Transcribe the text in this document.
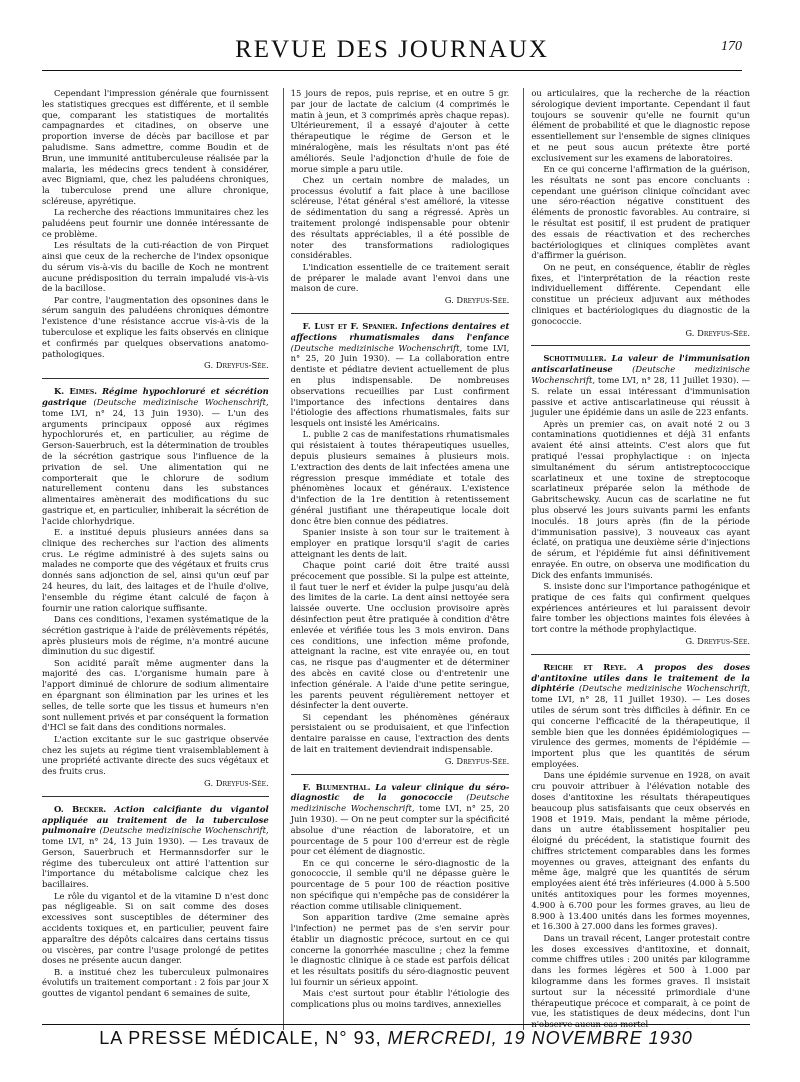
REVUE DES JOURNAUX	170

Cependant l'impression générale que fournissent les statistiques grecques est différente, et il semble que, comparant les statistiques de mortalités campagnardes et citadines, on observe une proportion inverse de décès par bacillose et par paludisme. Sans admettre, comme Boudin et de Brun, une immunité antituberculeuse réalisée par la malaria, les médecins grecs tendent à considérer, avec Bigniami, que, chez les paludéens chroniques, la tuberculose prend une allure chronique, scléreuse, apyrétique.

La recherche des réactions immunitaires chez les paludéens peut fournir une donnée intéressante de ce problème.

Les résultats de la cuti-réaction de von Pirquet ainsi que ceux de la recherche de l'index opsonique du sérum vis-à-vis du bacille de Koch ne montrent aucune prédisposition du terrain impaludé vis-à-vis de la bacillose.

Par contre, l'augmentation des opsonines dans le sérum sanguin des paludéens chroniques démontre l'existence d'une résistance accrue vis-à-vis de la tuberculose et explique les faits observés en clinique et confirmés par quelques observations anatomo-pathologiques.

G. Dreyfus-Sée.

K. Eimes. Régime hypochloruré et sécrétion gastrique (Deutsche medizinische Wochenschrift, tome LVI, n° 24, 13 Juin 1930). — L'un des arguments principaux opposé aux régimes hypochlorurés et, en particulier, au régime de Gerson-Sauerbruch, est la détermination de troubles de la sécrétion gastrique sous l'influence de la privation de sel. Une alimentation qui ne comporterait que le chlorure de sodium naturellement contenu dans les substances alimentaires amènerait des modifications du suc gastrique et, en particulier, inhiberait la sécrétion de l'acide chlorhydrique.

E. a institué depuis plusieurs années dans sa clinique des recherches sur l'action des aliments crus. Le régime administré à des sujets sains ou malades ne comporte que des végétaux et fruits crus donnés sans adjonction de sel, ainsi qu'un œuf par 24 heures, du lait, des laitages et de l'huile d'olive, l'ensemble du régime étant calculé de façon à fournir une ration calorique suffisante.

Dans ces conditions, l'examen systématique de la sécrétion gastrique à l'aide de prélèvements répétés, après plusieurs mois de régime, n'a montré aucune diminution du suc digestif.

Son acidité paraît même augmenter dans la majorité des cas. L'organisme humain pare à l'apport diminué de chlorure de sodium alimentaire en épargnant son élimination par les urines et les selles, de telle sorte que les tissus et humeurs n'en sont nullement privés et par conséquent la formation d'HCl se fait dans des conditions normales.

L'action excitante sur le suc gastrique observée chez les sujets au régime tient vraisemblablement à une propriété activante directe des sucs végétaux et des fruits crus.

G. Dreyfus-Sée.

O. Becker. Action calcifiante du vigantol appliquée au traitement de la tuberculose pulmonaire (Deutsche medizinische Wochenschrift, tome LVI, n° 24, 13 Juin 1930). — Les travaux de Gerson, Sauerbruch et Hermannsdorfer sur le régime des tuberculeux ont attiré l'attention sur l'importance du métabolisme calcique chez les bacillaires.

Le rôle du vigantol et de la vitamine D n'est donc pas négligeable. Si on sait comme des doses excessives sont susceptibles de déterminer des accidents toxiques et, en particulier, peuvent faire apparaître des dépôts calcaires dans certains tissus ou viscères, par contre l'usage prolongé de petites doses ne présente aucun danger.

B. a institué chez les tuberculeux pulmonaires évolutifs un traitement comportant : 2 fois par jour X gouttes de vigantol pendant 6 semaines de suite,

15 jours de repos, puis reprise, et en outre 5 gr. par jour de lactate de calcium (4 comprimés le matin à jeun, et 3 comprimés après chaque repas). Ultérieurement, il a essayé d'ajouter à cette thérapeutique le régime de Gerson et le minéralogène, mais les résultats n'ont pas été améliorés. Seule l'adjonction d'huile de foie de morue simple a paru utile.

Chez un certain nombre de malades, un processus évolutif a fait place à une bacillose scléreuse, l'état général s'est amélioré, la vitesse de sédimentation du sang a régressé. Après un traitement prolongé indispensable pour obtenir des résultats appréciables, il a été possible de noter des transformations radiologiques considérables.

L'indication essentielle de ce traitement serait de préparer le malade avant l'envoi dans une maison de cure.

G. Dreyfus-Sée.

F. Lust et F. Spanier. Infections dentaires et affections rhumatismales dans l'enfance (Deutsche medizinische Wochenschrift, tome LVI, n° 25, 20 Juin 1930). — La collaboration entre dentiste et pédiatre devient actuellement de plus en plus indispensable. De nombreuses observations recueillies par Lust confirment l'importance des infections dentaires dans l'étiologie des affections rhumatismales, faits sur lesquels ont insisté les Américains.

L. publie 2 cas de manifestations rhumatismales qui résistaient à toutes thérapeutiques usuelles, depuis plusieurs semaines à plusieurs mois. L'extraction des dents de lait infectées amena une régression presque immédiate et totale des phénomènes locaux et généraux. L'existence d'infection de la 1re dentition à retentissement général justifiant une thérapeutique locale doit donc être bien connue des pédiatres.

Spanier insiste à son tour sur le traitement à employer en pratique lorsqu'il s'agit de caries atteignant les dents de lait.

Chaque point carié doit être traité aussi précocement que possible. Si la pulpe est atteinte, il faut tuer le nerf et évider la pulpe jusqu'au delà des limites de la carie. La dent ainsi nettoyée sera laissée ouverte. Une occlusion provisoire après désinfection peut être pratiquée à condition d'être enlevée et vérifiée tous les 3 mois environ. Dans ces conditions, une infection même profonde, atteignant la racine, est vite enrayée ou, en tout cas, ne risque pas d'augmenter et de déterminer des abcès en cavité close ou d'entretenir une infection générale. A l'aide d'une petite seringue, les parents peuvent régulièrement nettoyer et désinfecter la dent ouverte.

Si cependant les phénomènes généraux persistaient ou se produisaient, et que l'infection dentaire paraisse en cause, l'extraction des dents de lait en traitement deviendrait indispensable.

G. Dreyfus-Sée.

F. Blumenthal. La valeur clinique du séro-diagnostic de la gonococcie (Deutsche medizinische Wochenschrift, tome LVI, n° 25, 20 Juin 1930). — On ne peut compter sur la spécificité absolue d'une réaction de laboratoire, et un pourcentage de 5 pour 100 d'erreur est de règle pour cet élément de diagnostic.

En ce qui concerne le séro-diagnostic de la gonococcie, il semble qu'il ne dépasse guère le pourcentage de 5 pour 100 de réaction positive non spécifique qui n'empêche pas de considérer la réaction comme utilisable cliniquement.

Son apparition tardive (2me semaine après l'infection) ne permet pas de s'en servir pour établir un diagnostic précoce, surtout en ce qui concerne la gonorrhée masculine ; chez la femme le diagnostic clinique à ce stade est parfois délicat et les résultats positifs du séro-diagnostic peuvent lui fournir un sérieux appoint.

Mais c'est surtout pour établir l'étiologie des complications plus ou moins tardives, annexielles

ou articulaires, que la recherche de la réaction sérologique devient importante. Cependant il faut toujours se souvenir qu'elle ne fournit qu'un élément de probabilité et que le diagnostic repose essentiellement sur l'ensemble de signes cliniques et ne peut sous aucun prétexte être porté exclusivement sur les examens de laboratoires.

En ce qui concerne l'affirmation de la guérison, les résultats ne sont pas encore concluants : cependant une guérison clinique coïncidant avec une séro-réaction négative constituent des éléments de pronostic favorables. Au contraire, si le résultat est positif, il est prudent de pratiquer des essais de réactivation et des recherches bactériologiques et cliniques complètes avant d'affirmer la guérison.

On ne peut, en conséquence, établir de règles fixes, et l'interprétation de la réaction reste individuellement différente. Cependant elle constitue un précieux adjuvant aux méthodes cliniques et bactériologiques du diagnostic de la gonococcie.

G. Dreyfus-Sée.

Schottmuller. La valeur de l'immunisation antiscarlatineuse (Deutsche medizinische Wochenschrift, tome LVI, n° 28, 11 Juillet 1930). — S. relate un essai intéressant d'immunisation passive et active antiscarlatineuse qui réussit à juguler une épidémie dans un asile de 223 enfants.

Après un premier cas, on avait noté 2 ou 3 contaminations quotidiennes et déjà 31 enfants avaient été ainsi atteints. C'est alors que fut pratiqué l'essai prophylactique : on injecta simultanément du sérum antistreptococcique scarlatineux et une toxine de streptocoque scarlatineux préparée selon la méthode de Gabritschewsky. Aucun cas de scarlatine ne fut plus observé les jours suivants parmi les enfants inoculés. 18 jours après (fin de la période d'immunisation passive), 3 nouveaux cas ayant éclaté, on pratiqua une deuxième série d'injections de sérum, et l'épidémie fut ainsi définitivement enrayée. En outre, on observa une modification du Dick des enfants immunisés.

S. insiste donc sur l'importance pathogénique et pratique de ces faits qui confirment quelques expériences antérieures et lui paraissent devoir faire tomber les objections maintes fois élevées à tort contre la méthode prophylactique.

G. Dreyfus-Sée.

Reiche et Reye. A propos des doses d'antitoxine utiles dans le traitement de la diphtérie (Deutsche medizinische Wochenschrift, tome LVI, n° 28, 11 Juillet 1930). — Les doses utiles de sérum sont très difficiles à définir. En ce qui concerne l'efficacité de la thérapeutique, il semble bien que les données épidémiologiques — virulence des germes, moments de l'épidémie — importent plus que les quantités de sérum employées.

Dans une épidémie survenue en 1928, on avait cru pouvoir attribuer à l'élévation notable des doses d'antitoxine les résultats thérapeutiques beaucoup plus satisfaisants que ceux observés en 1908 et 1919. Mais, pendant la même période, dans un autre établissement hospitalier peu éloigné du précédent, la statistique fournit des chiffres strictement comparables dans les formes moyennes ou graves, atteignant des enfants du même âge, malgré que les quantités de sérum employées aient été très inférieures (4.000 à 5.500 unités antitoxiques pour les formes moyennes, 4.900 à 6.700 pour les formes graves, au lieu de 8.900 à 13.400 unités dans les formes moyennes, et 16.300 à 27.000 dans les formes graves).

Dans un travail récent, Langer protestait contre les doses excessives d'antitoxine, et donnait, comme chiffres utiles : 200 unités par kilogramme dans les formes légères et 500 à 1.000 par kilogramme dans les formes graves. Il insistait surtout sur la nécessité primordiale d'une thérapeutique précoce et comparait, à ce point de vue, les statistiques de deux médecins, dont l'un n'observe aucun cas mortel

LA PRESSE MÉDICALE, N° 93, MERCREDI, 19 NOVEMBRE 1930
